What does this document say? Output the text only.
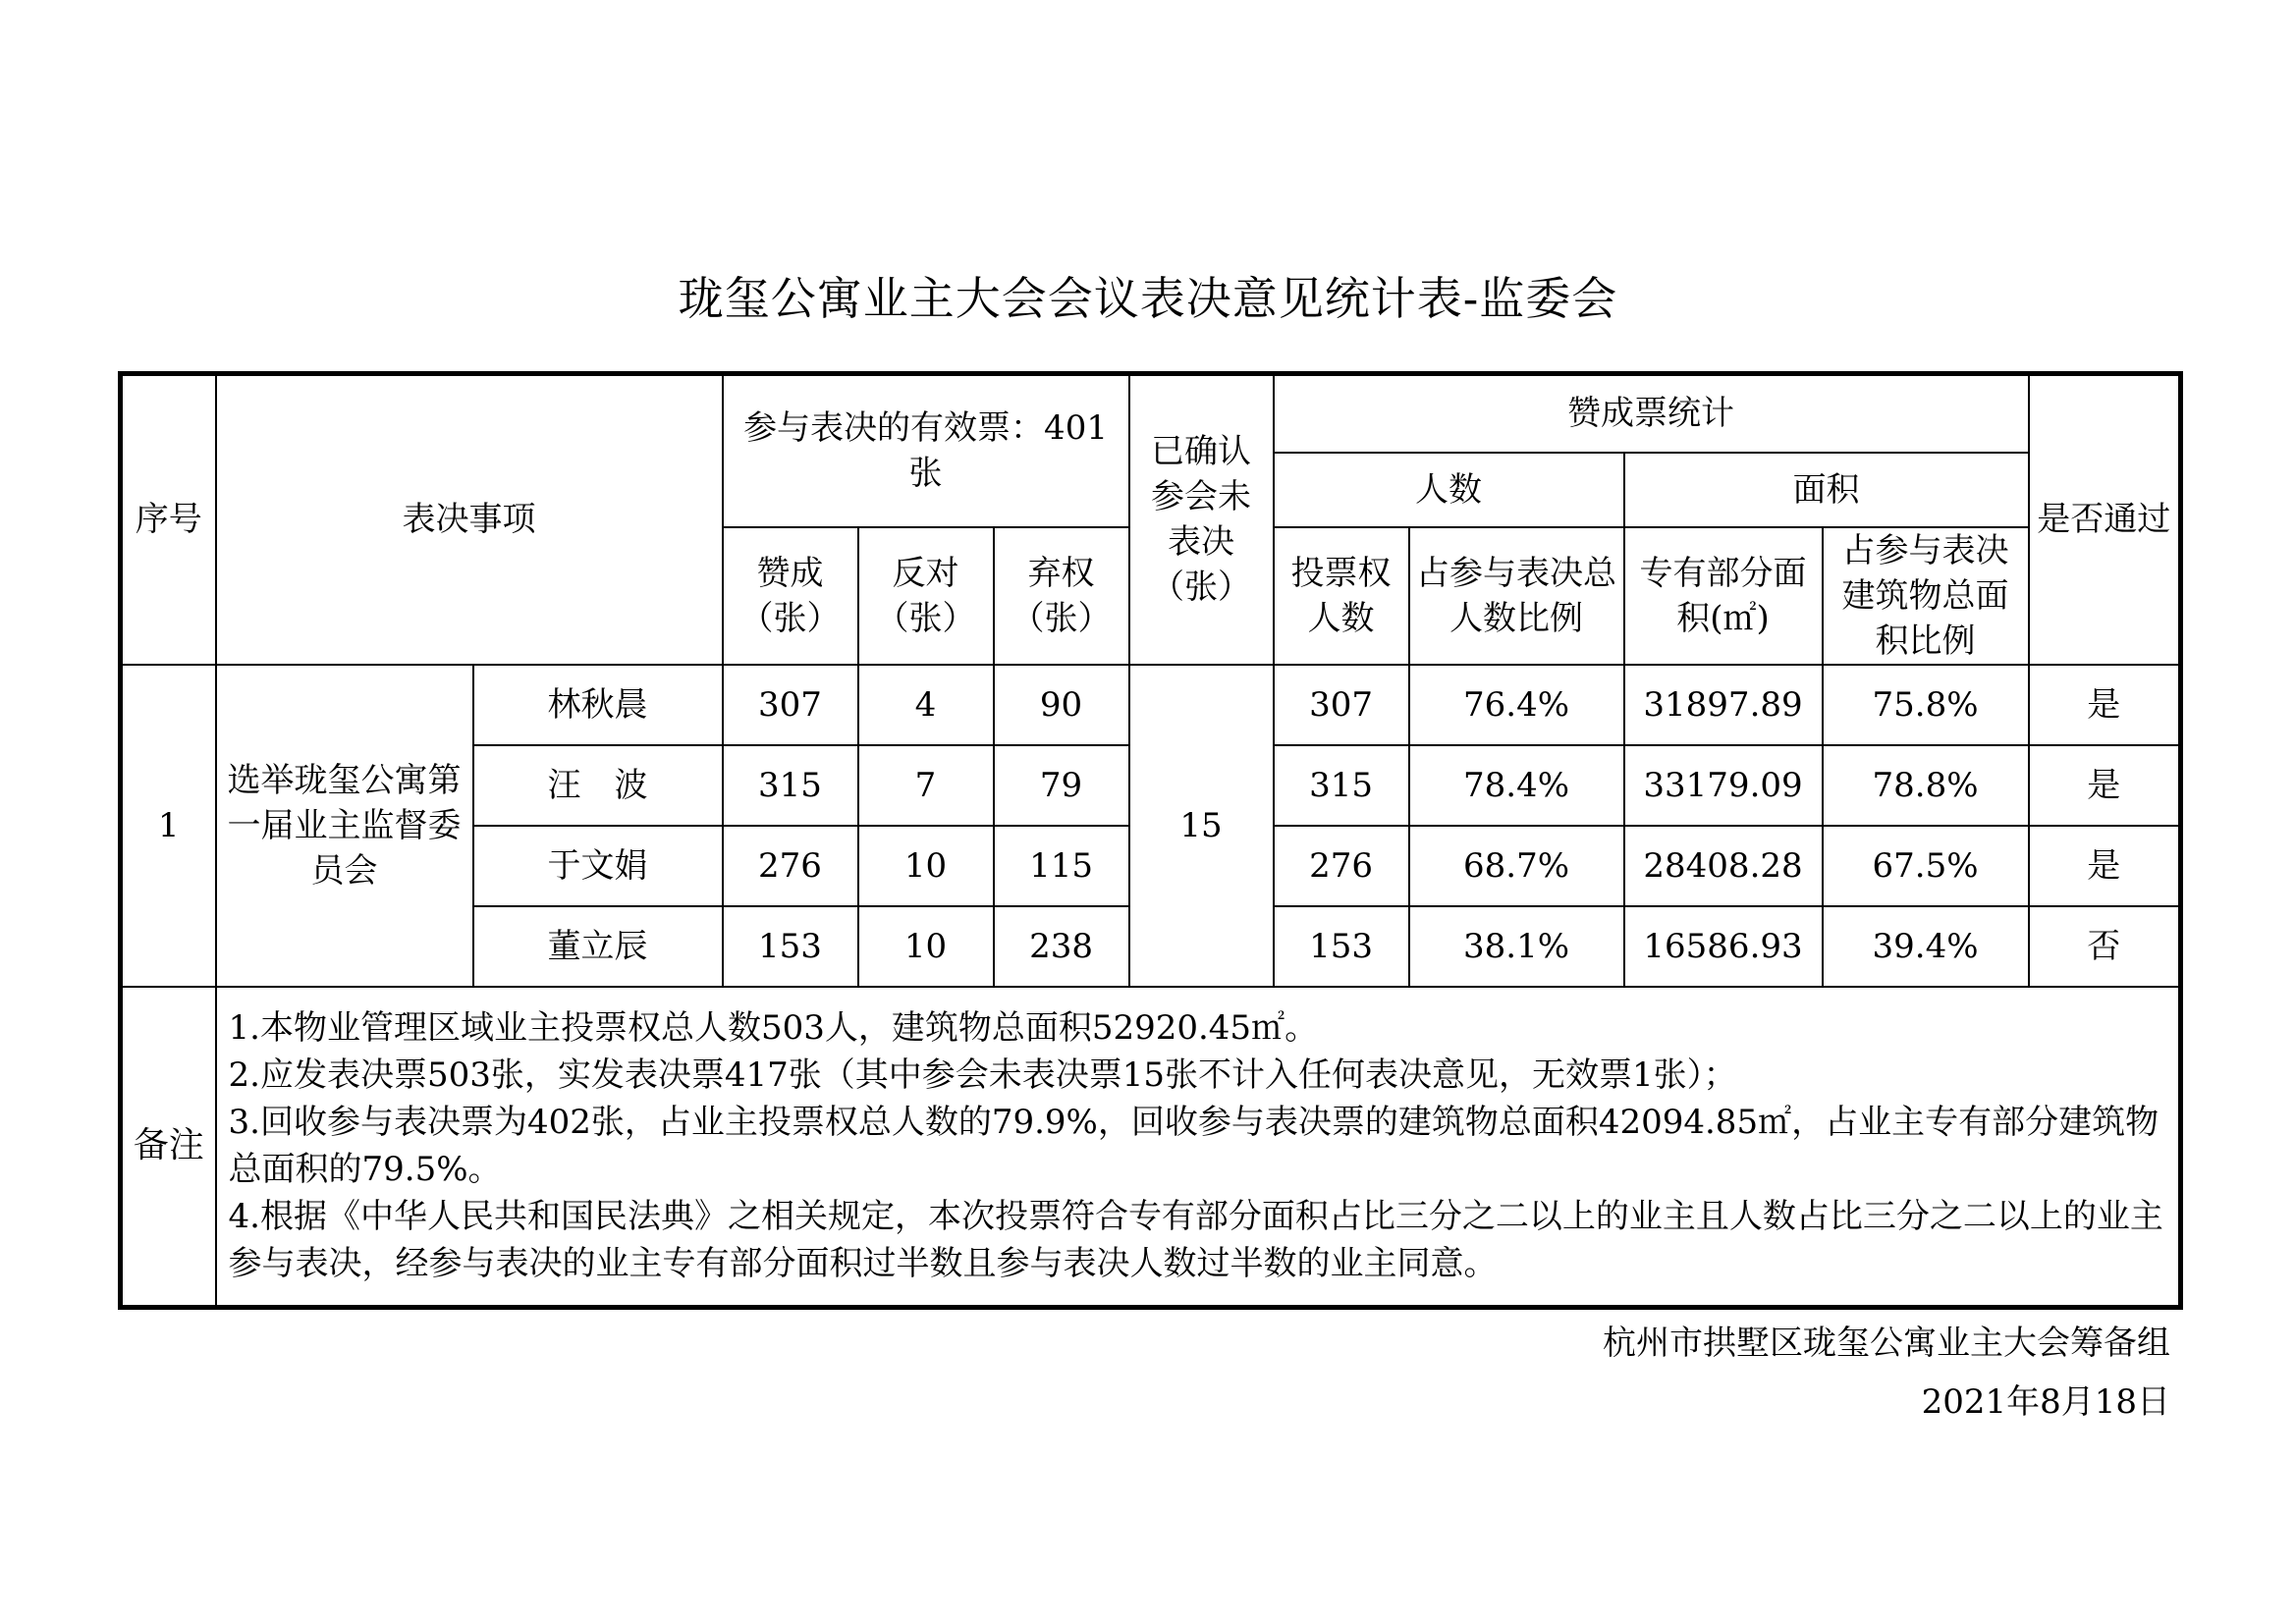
珑玺公寓业主大会会议表决意见统计表-监委会
序号	表决事项		参与表决的有效票：401张			已确认参会未表决（张）	赞成票统计				是否通过
							人数		面积		
			赞成（张）	反对（张）	弃权（张）		投票权人数	占参与表决总人数比例	专有部分面积(㎡)	占参与表决建筑物总面积比例	
1	选举珑玺公寓第一届业主监督委员会	林秋晨	307	4	90	15	307	76.4%	31897.89	75.8%	是
		汪　波	315	7	79		315	78.4%	33179.09	78.8%	是
		于文娟	276	10	115		276	68.7%	28408.28	67.5%	是
		董立辰	153	10	238		153	38.1%	16586.93	39.4%	否
备注	1.本物业管理区域业主投票权总人数503人，建筑物总面积52920.45㎡。

2.应发表决票503张，实发表决票417张（其中参会未表决票15张不计入任何表决意见，无效票1张）；

3.回收参与表决票为402张，占业主投票权总人数的79.9%，回收参与表决票的建筑物总面积42094.85㎡，占业主专有部分建筑物总面积的79.5%。

4.根据《中华人民共和国民法典》之相关规定，本次投票符合专有部分面积占比三分之二以上的业主且人数占比三分之二以上的业主参与表决，经参与表决的业主专有部分面积过半数且参与表决人数过半数的业主同意。										

杭州市拱墅区珑玺公寓业主大会筹备组
2021年8月18日
